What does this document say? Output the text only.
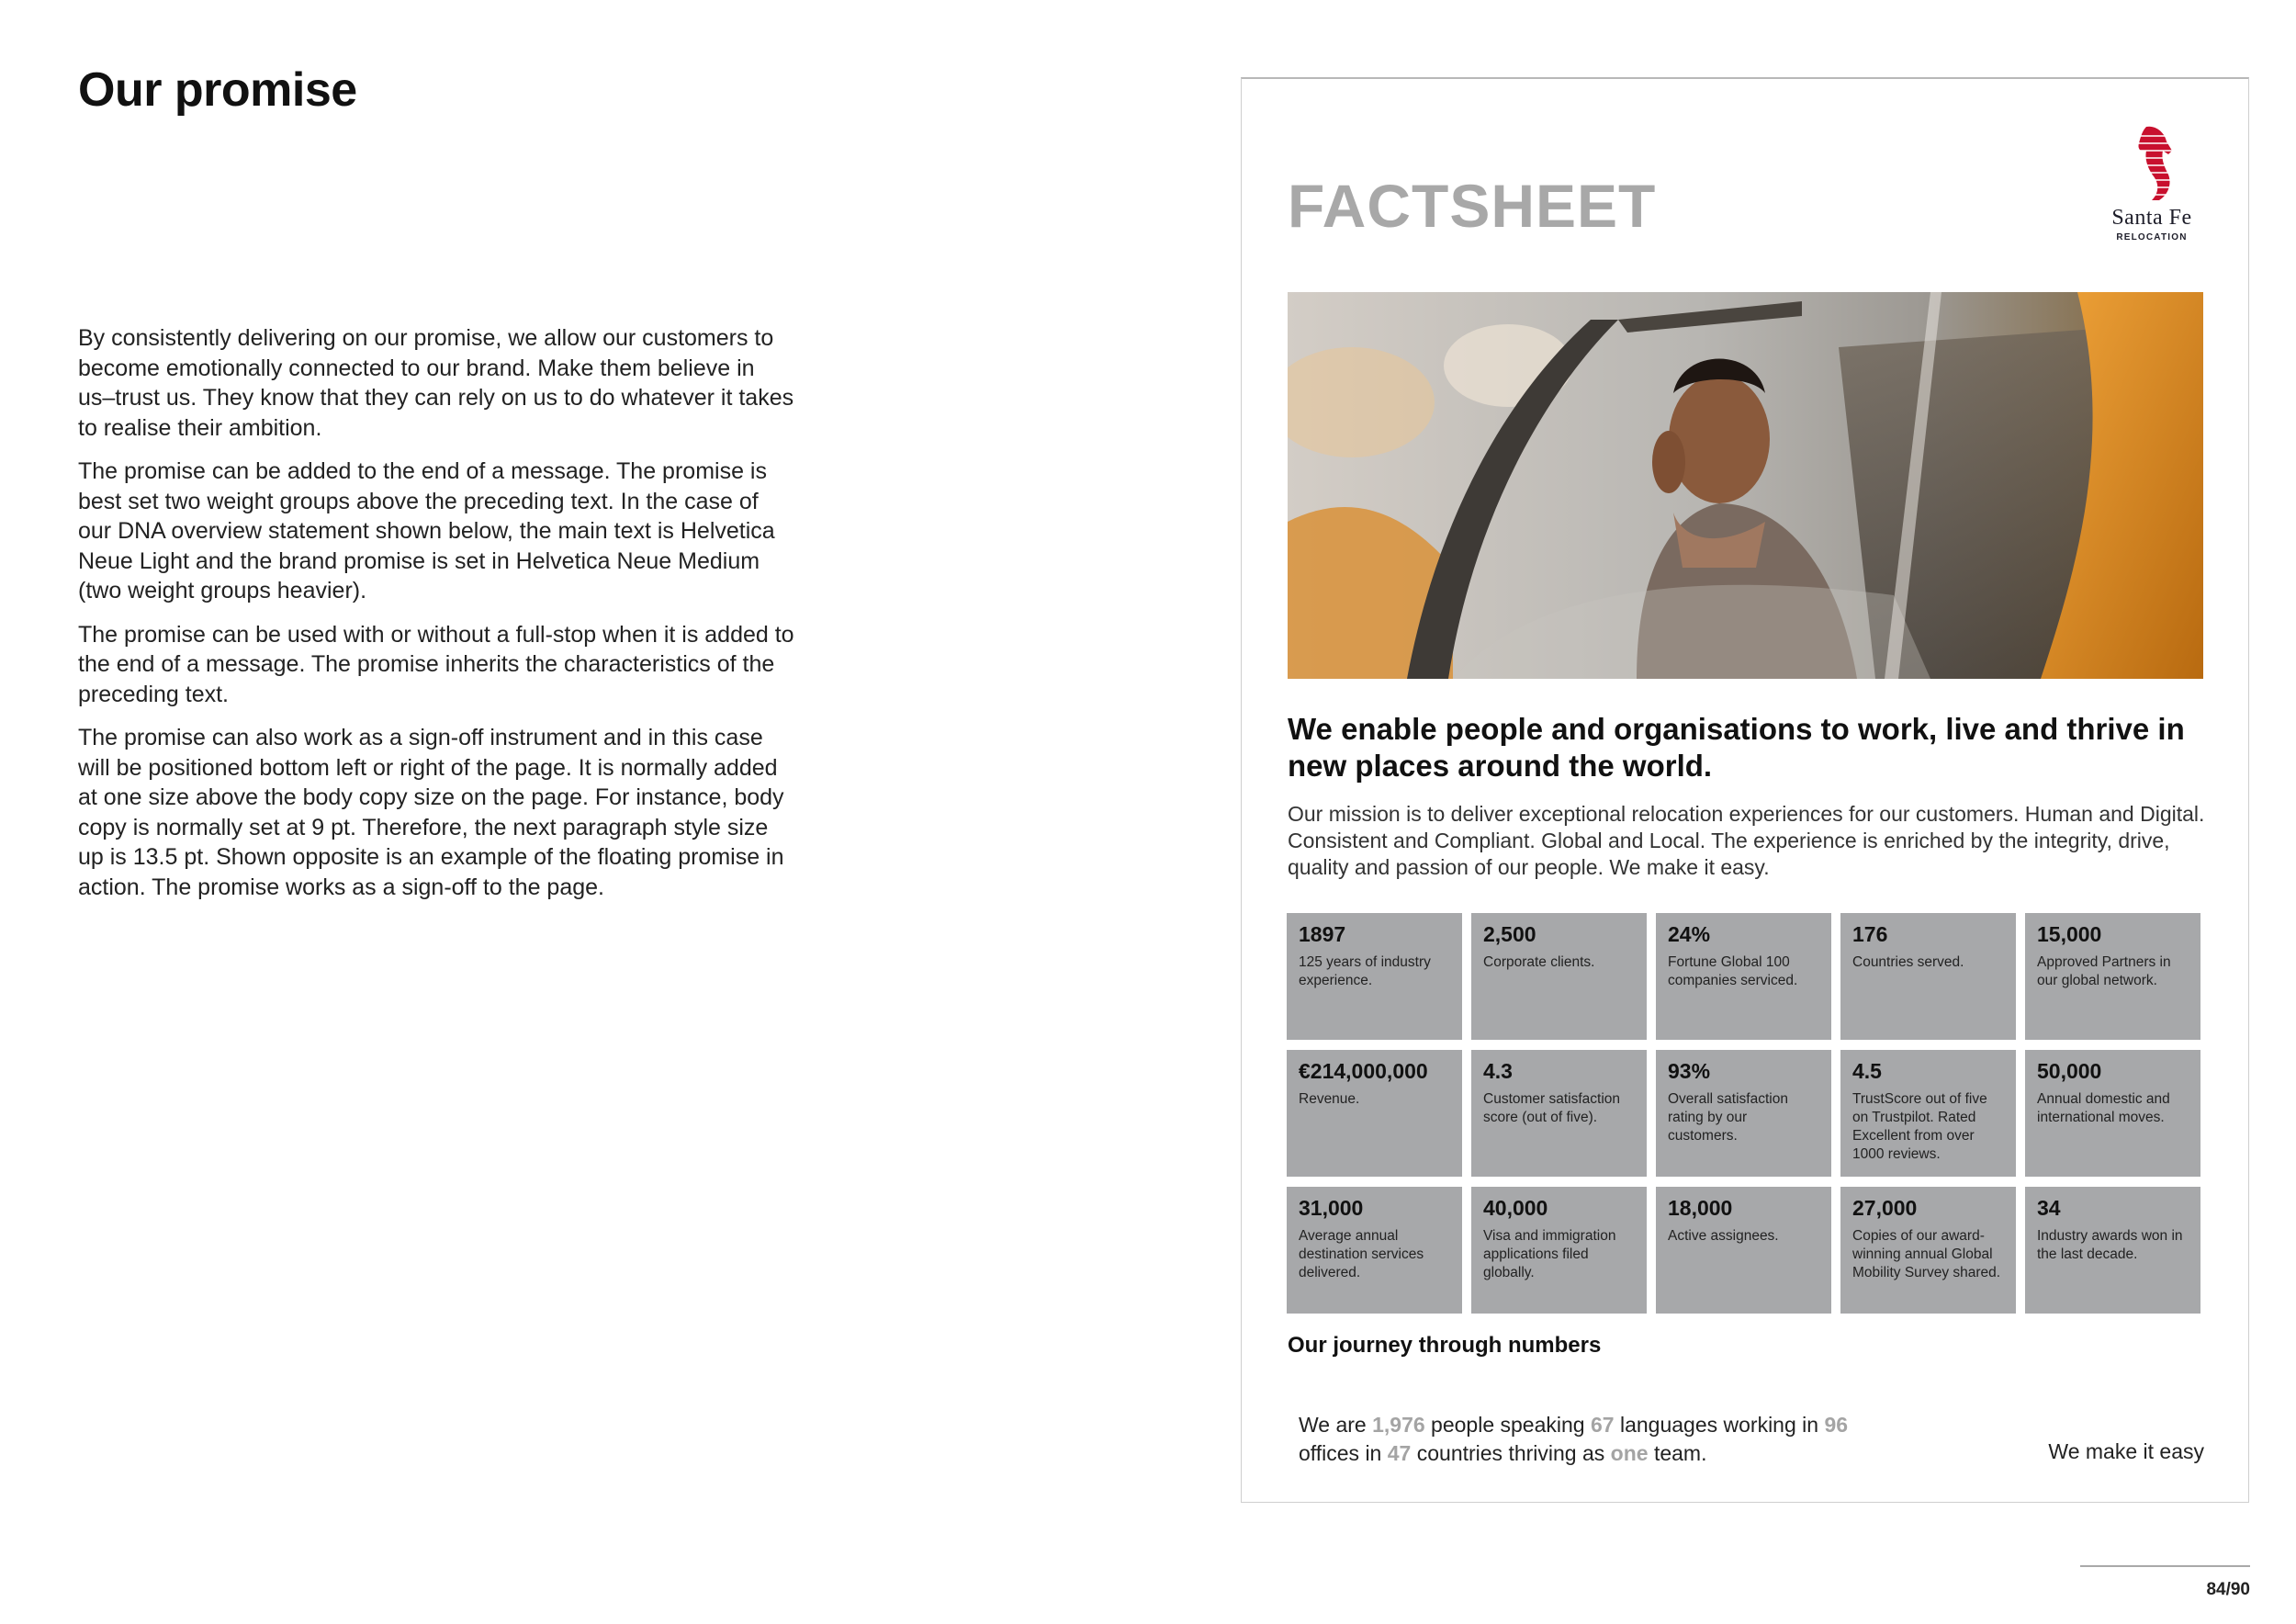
Our promise

By consistently delivering on our promise, we allow our customers to become emotionally connected to our brand. Make them believe in us–trust us. They know that they can rely on us to do whatever it takes to realise their ambition.

The promise can be added to the end of a message. The promise is best set two weight groups above the preceding text. In the case of our DNA overview statement shown below, the main text is Helvetica Neue Light and the brand promise is set in Helvetica Neue Medium (two weight groups heavier).

The promise can be used with or without a full-stop when it is added to the end of a message. The promise inherits the characteristics of the preceding text.

The promise can also work as a sign-off instrument and in this case will be positioned bottom left or right of the page. It is normally added at one size above the body copy size on the page. For instance, body copy is normally set at 9 pt. Therefore, the next paragraph style size up is 13.5 pt. Shown opposite is an example of the floating promise in action. The promise works as a sign-off to the page.

FACTSHEET	Santa Fe
RELOCATION
We enable people and organisations to work, live and thrive in new places around the world.

Our mission is to deliver exceptional relocation experiences for our customers. Human and Digital. Consistent and Compliant. Global and Local. The experience is enriched by the integrity, drive, quality and passion of our people. We make it easy.

1897
125 years of industry experience.
2,500
Corporate clients.
24%
Fortune Global 100 companies serviced.
176
Countries served.
15,000
Approved Partners in our global network.
€214,000,000
Revenue.
4.3
Customer satisfaction score (out of five).
93%
Overall satisfaction rating by our customers.
4.5
TrustScore out of five on Trustpilot. Rated Excellent from over 1000 reviews.
50,000
Annual domestic and international moves.
31,000
Average annual destination services delivered.
40,000
Visa and immigration applications filed globally.
18,000
Active assignees.
27,000
Copies of our award-winning annual Global Mobility Survey shared.
34
Industry awards won in the last decade.
Our journey through numbers
We are 1,976 people speaking 67 languages working in 96 offices in 47 countries thriving as one team.	We make it easy
84/90
